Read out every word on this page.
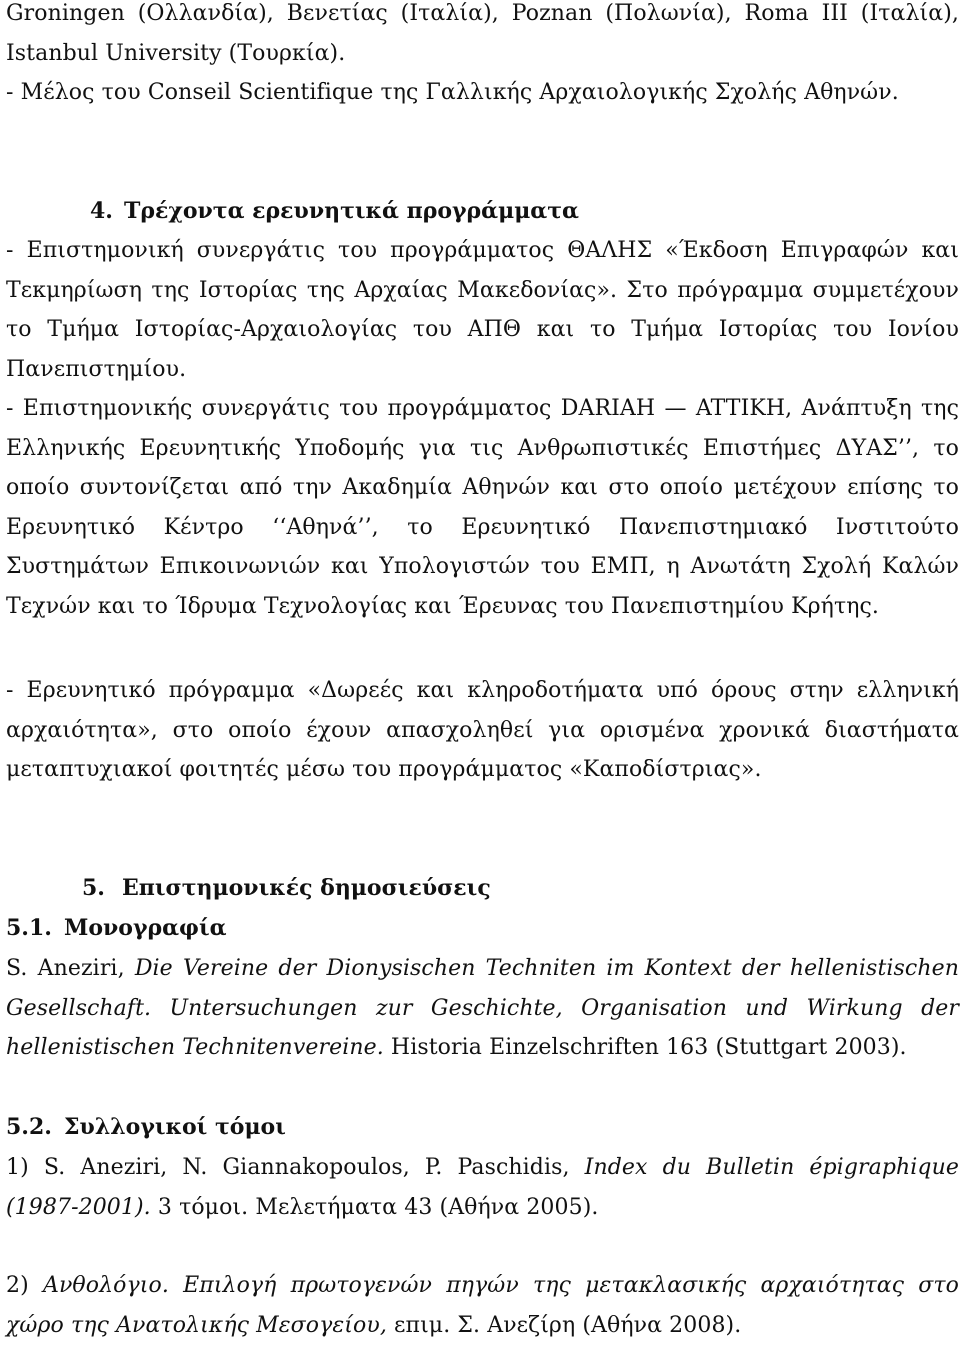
Groningen (Ολλανδία), Βενετίας (Ιταλία), Poznan (Πολωνία), Roma III (Ιταλία), Istanbul University (Τουρκία).
- Μέλος του Conseil Scientifique της Γαλλικής Αρχαιολογικής Σχολής Αθηνών.
4. Τρέχοντα ερευνητικά προγράμματα
- Επιστημονική συνεργάτις του προγράμματος ΘΑΛΗΣ «Έκδοση Επιγραφών και Τεκμηρίωση της Ιστορίας της Αρχαίας Μακεδονίας». Στο πρόγραμμα συμμετέχουν το Τμήμα Ιστορίας-Αρχαιολογίας του ΑΠΘ και το Τμήμα Ιστορίας του Ιονίου Πανεπιστημίου.
- Επιστημονικής συνεργάτις του προγράμματος DARIAH — ATTIKH, Ανάπτυξη της Ελληνικής Ερευνητικής Υποδομής για τις Ανθρωπιστικές Επιστήμες ΔΥΑΣ’’, το οποίο συντονίζεται από την Ακαδημία Αθηνών και στο οποίο μετέχουν επίσης το Ερευνητικό Κέντρο ‘‘Αθηνά’’, το Ερευνητικό Πανεπιστημιακό Ινστιτούτο Συστημάτων Επικοινωνιών και Υπολογιστών του ΕΜΠ, η Ανωτάτη Σχολή Καλών Τεχνών και το Ίδρυμα Τεχνολογίας και Έρευνας του Πανεπιστημίου Κρήτης.
- Ερευνητικό πρόγραμμα «Δωρεές και κληροδοτήματα υπό όρους στην ελληνική αρχαιότητα», στο οποίο έχουν απασχοληθεί για ορισμένα χρονικά διαστήματα μεταπτυχιακοί φοιτητές μέσω του προγράμματος «Καποδίστριας».
5. Επιστημονικές δημοσιεύσεις
5.1. Μονογραφία
S. Aneziri, Die Vereine der Dionysischen Techniten im Kontext der hellenistischen Gesellschaft. Untersuchungen zur Geschichte, Organisation und Wirkung der hellenistischen Technitenvereine. Historia Einzelschriften 163 (Stuttgart 2003).
5.2. Συλλογικοί τόμοι
1) S. Aneziri, N. Giannakopoulos, P. Paschidis, Index du Bulletin épigraphique (1987-2001). 3 τόμοι. Μελετήματα 43 (Αθήνα 2005).
2) Ανθολόγιο. Επιλογή πρωτογενών πηγών της μετακλασικής αρχαιότητας στο χώρο της Ανατολικής Μεσογείου, επιμ. Σ. Ανεζίρη (Αθήνα 2008).
